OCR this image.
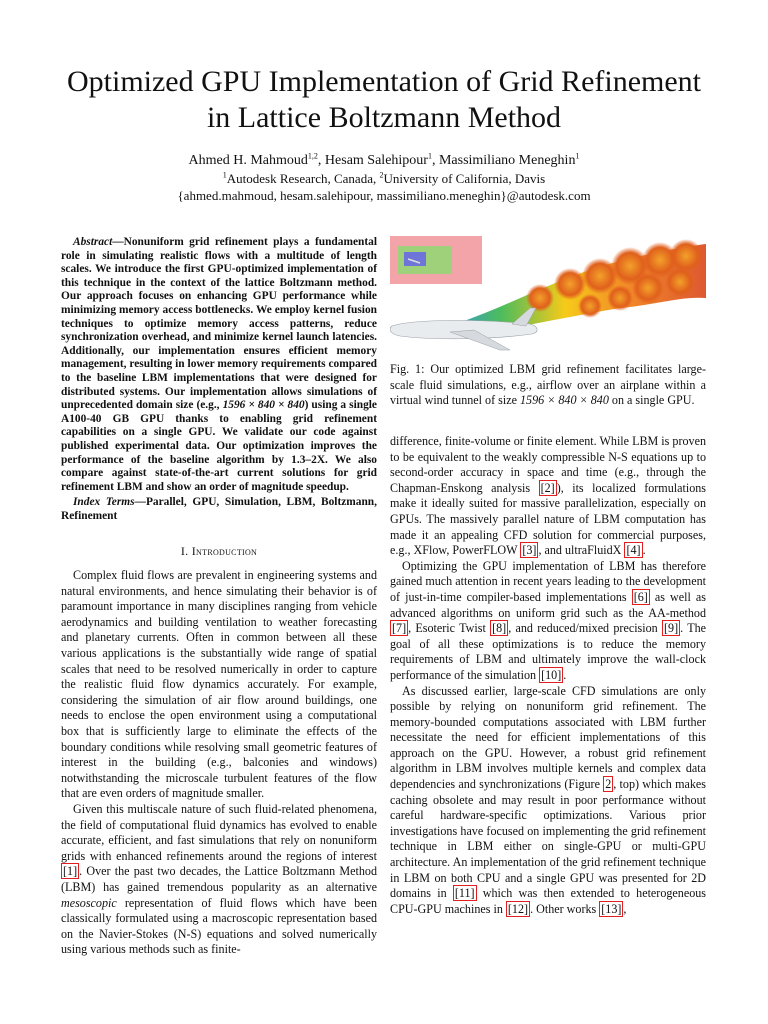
Optimized GPU Implementation of Grid Refinement
in Lattice Boltzmann Method
Ahmed H. Mahmoud$^{1,2}$, Hesam Salehipour$^1$, Massimiliano Meneghin$^1$
$^1$Autodesk Research, Canada, $^2$University of California, Davis
{ahmed.mahmoud, hesam.salehipour, massimiliano.meneghin}@autodesk.com

Abstract—Nonuniform grid refinement plays a fundamental role in simulating realistic flows with a multitude of length scales. We introduce the first GPU-optimized implementation of this technique in the context of the lattice Boltzmann method. Our approach focuses on enhancing GPU performance while minimizing memory access bottlenecks. We employ kernel fusion techniques to optimize memory access patterns, reduce synchronization overhead, and minimize kernel launch latencies. Additionally, our implementation ensures efficient memory management, resulting in lower memory requirements compared to the baseline LBM implementations that were designed for distributed systems. Our implementation allows simulations of unprecedented domain size (e.g., 1596 × 840 × 840) using a single A100-40 GB GPU thanks to enabling grid refinement capabilities on a single GPU. We validate our code against published experimental data. Our optimization improves the performance of the baseline algorithm by 1.3–2X. We also compare against state-of-the-art current solutions for grid refinement LBM and show an order of magnitude speedup.

Index Terms—Parallel, GPU, Simulation, LBM, Boltzmann, Refinement

I. Introduction

Complex fluid flows are prevalent in engineering systems and natural environments, and hence simulating their behavior is of paramount importance in many disciplines ranging from vehicle aerodynamics and building ventilation to weather forecasting and planetary currents. Often in common between all these various applications is the substantially wide range of spatial scales that need to be resolved numerically in order to capture the realistic fluid flow dynamics accurately. For example, considering the simulation of air flow around buildings, one needs to enclose the open environment using a computational box that is sufficiently large to eliminate the effects of the boundary conditions while resolving small geometric features of interest in the building (e.g., balconies and windows) notwithstanding the microscale turbulent features of the flow that are even orders of magnitude smaller.

Given this multiscale nature of such fluid-related phenomena, the field of computational fluid dynamics has evolved to enable accurate, efficient, and fast simulations that rely on nonuniform grids with enhanced refinements around the regions of interest [1] . Over the past two decades, the Lattice Boltzmann Method (LBM) has gained tremendous popularity as an alternative mesoscopic representation of fluid flows which have been classically formulated using a macroscopic representation based on the Navier-Stokes (N-S) equations and solved numerically using various methods such as finite-

Fig. 1: Our optimized LBM grid refinement facilitates large-scale fluid simulations, e.g., airflow over an airplane within a virtual wind tunnel of size 1596 × 840 × 840 on a single GPU.

difference, finite-volume or finite element. While LBM is proven to be equivalent to the weakly compressible N-S equations up to second-order accuracy in space and time (e.g., through the Chapman-Enskong analysis [2] ), its localized formulations make it ideally suited for massive parallelization, especially on GPUs. The massively parallel nature of LBM computation has made it an appealing CFD solution for commercial purposes, e.g., XFlow, PowerFLOW [3] , and ultraFluidX [4] .

Optimizing the GPU implementation of LBM has therefore gained much attention in recent years leading to the development of just-in-time compiler-based implementations [6] as well as advanced algorithms on uniform grid such as the AA-method [7] , Esoteric Twist [8] , and reduced/mixed precision [9] . The goal of all these optimizations is to reduce the memory requirements of LBM and ultimately improve the wall-clock performance of the simulation [10] .

As discussed earlier, large-scale CFD simulations are only possible by relying on nonuniform grid refinement. The memory-bounded computations associated with LBM further necessitate the need for efficient implementations of this approach on the GPU. However, a robust grid refinement algorithm in LBM involves multiple kernels and complex data dependencies and synchronizations (Figure 2 , top) which makes caching obsolete and may result in poor performance without careful hardware-specific optimizations. Various prior investigations have focused on implementing the grid refinement technique in LBM either on single-GPU or multi-GPU architecture. An implementation of the grid refinement technique in LBM on both CPU and a single GPU was presented for 2D domains in [11] which was then extended to heterogeneous CPU-GPU machines in [12] . Other works [13] ,
